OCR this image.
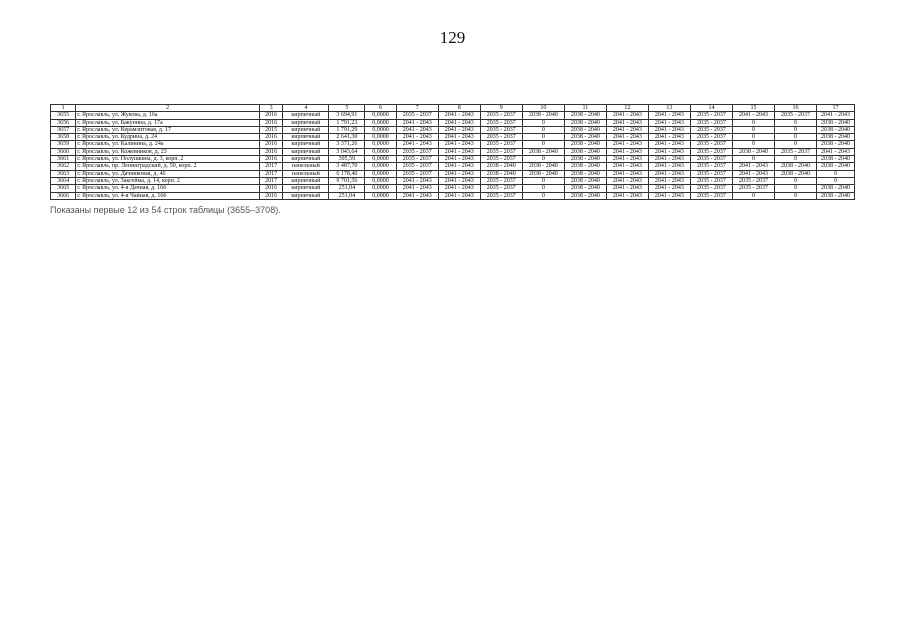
129
1	2	3	4	5	6	7	8	9	10	11	12	13	14	15	16	17
3655	г. Ярославль, ул. Жукова, д. 16а	2016	кирпичный	3 694,91	0,0000	2035 - 2037	2041 - 2043	2035 - 2037	2038 - 2040	2038 - 2040	2041 - 2043	2041 - 2043	2035 - 2037	2041 - 2043	2035 - 2037	2041 - 2043
3656	г. Ярославль, ул. Бакунина, д. 17а	2016	кирпичный	1 791,23	0,0000	2041 - 2043	2041 - 2043	2035 - 2037	0	2038 - 2040	2041 - 2043	2041 - 2043	2035 - 2037	0	0	2038 - 2040
3657	г. Ярославль, ул. Керамзитовая, д. 17	2015	кирпичный	1 791,29	0,0000	2041 - 2043	2041 - 2043	2035 - 2037	0	2038 - 2040	2041 - 2043	2041 - 2043	2035 - 2037	0	0	2038 - 2040
3658	г. Ярославль, ул. Кудрина, д. 24	2016	кирпичный	2 641,30	0,0000	2041 - 2043	2041 - 2043	2035 - 2037	0	2038 - 2040	2041 - 2043	2041 - 2043	2035 - 2037	0	0	2038 - 2040
3659	г. Ярославль, ул. Калинина, д. 24а	2016	кирпичный	3 371,26	0,0000	2041 - 2043	2041 - 2043	2035 - 2037	0	2038 - 2040	2041 - 2043	2041 - 2043	2035 - 2037	0	0	2038 - 2040
3660	г. Ярославль, ул. Кожевников, д. 23	2016	кирпичный	3 043,64	0,0000	2035 - 2037	2041 - 2043	2035 - 2037	2038 - 2040	2038 - 2040	2041 - 2043	2041 - 2043	2035 - 2037	2038 - 2040	2035 - 2037	2041 - 2043
3661	г. Ярославль, ул. Полушкина, д. 3, корп. 2	2016	кирпичный	395,59	0,0000	2035 - 2037	2041 - 2043	2035 - 2037	0	2038 - 2040	2041 - 2043	2041 - 2043	2035 - 2037	0	0	2038 - 2040
3662	г. Ярославль, пр. Ленинградский, д. 50, корп. 2	2017	панельный	3 487,70	0,0000	2035 - 2037	2041 - 2043	2038 - 2040	2038 - 2040	2038 - 2040	2041 - 2043	2041 - 2043	2035 - 2037	2041 - 2043	2038 - 2040	2038 - 2040
3663	г. Ярославль, ул. Дачниковая, д. 46	2017	панельный	6 178,40	0,0000	2035 - 2037	2041 - 2043	2038 - 2040	2038 - 2040	2038 - 2040	2041 - 2043	2041 - 2043	2035 - 2037	2041 - 2043	2038 - 2040	0
3664	г. Ярославль, ул. Закгейма, д. 14, корп. 2	2017	кирпичный	9 701,56	0,0000	2041 - 2043	2041 - 2043	2035 - 2037	0	2038 - 2040	2041 - 2043	2041 - 2043	2035 - 2037	2035 - 2037	0	0
3665	г. Ярославль, ул. 4-я Дачная, д. 16б	2016	кирпичный	251,04	0,0000	2041 - 2043	2041 - 2043	2035 - 2037	0	2038 - 2040	2041 - 2043	2041 - 2043	2035 - 2037	2035 - 2037	0	2038 - 2040
3666	г. Ярославль, ул. 4-я Чайная, д. 16б	2016	кирпичный	251,04	0,0000	2041 - 2043	2041 - 2043	2035 - 2037	0	2038 - 2040	2041 - 2043	2041 - 2043	2035 - 2037	0	0	2038 - 2040
Показаны первые 12 из 54 строк таблицы (3655–3708).
